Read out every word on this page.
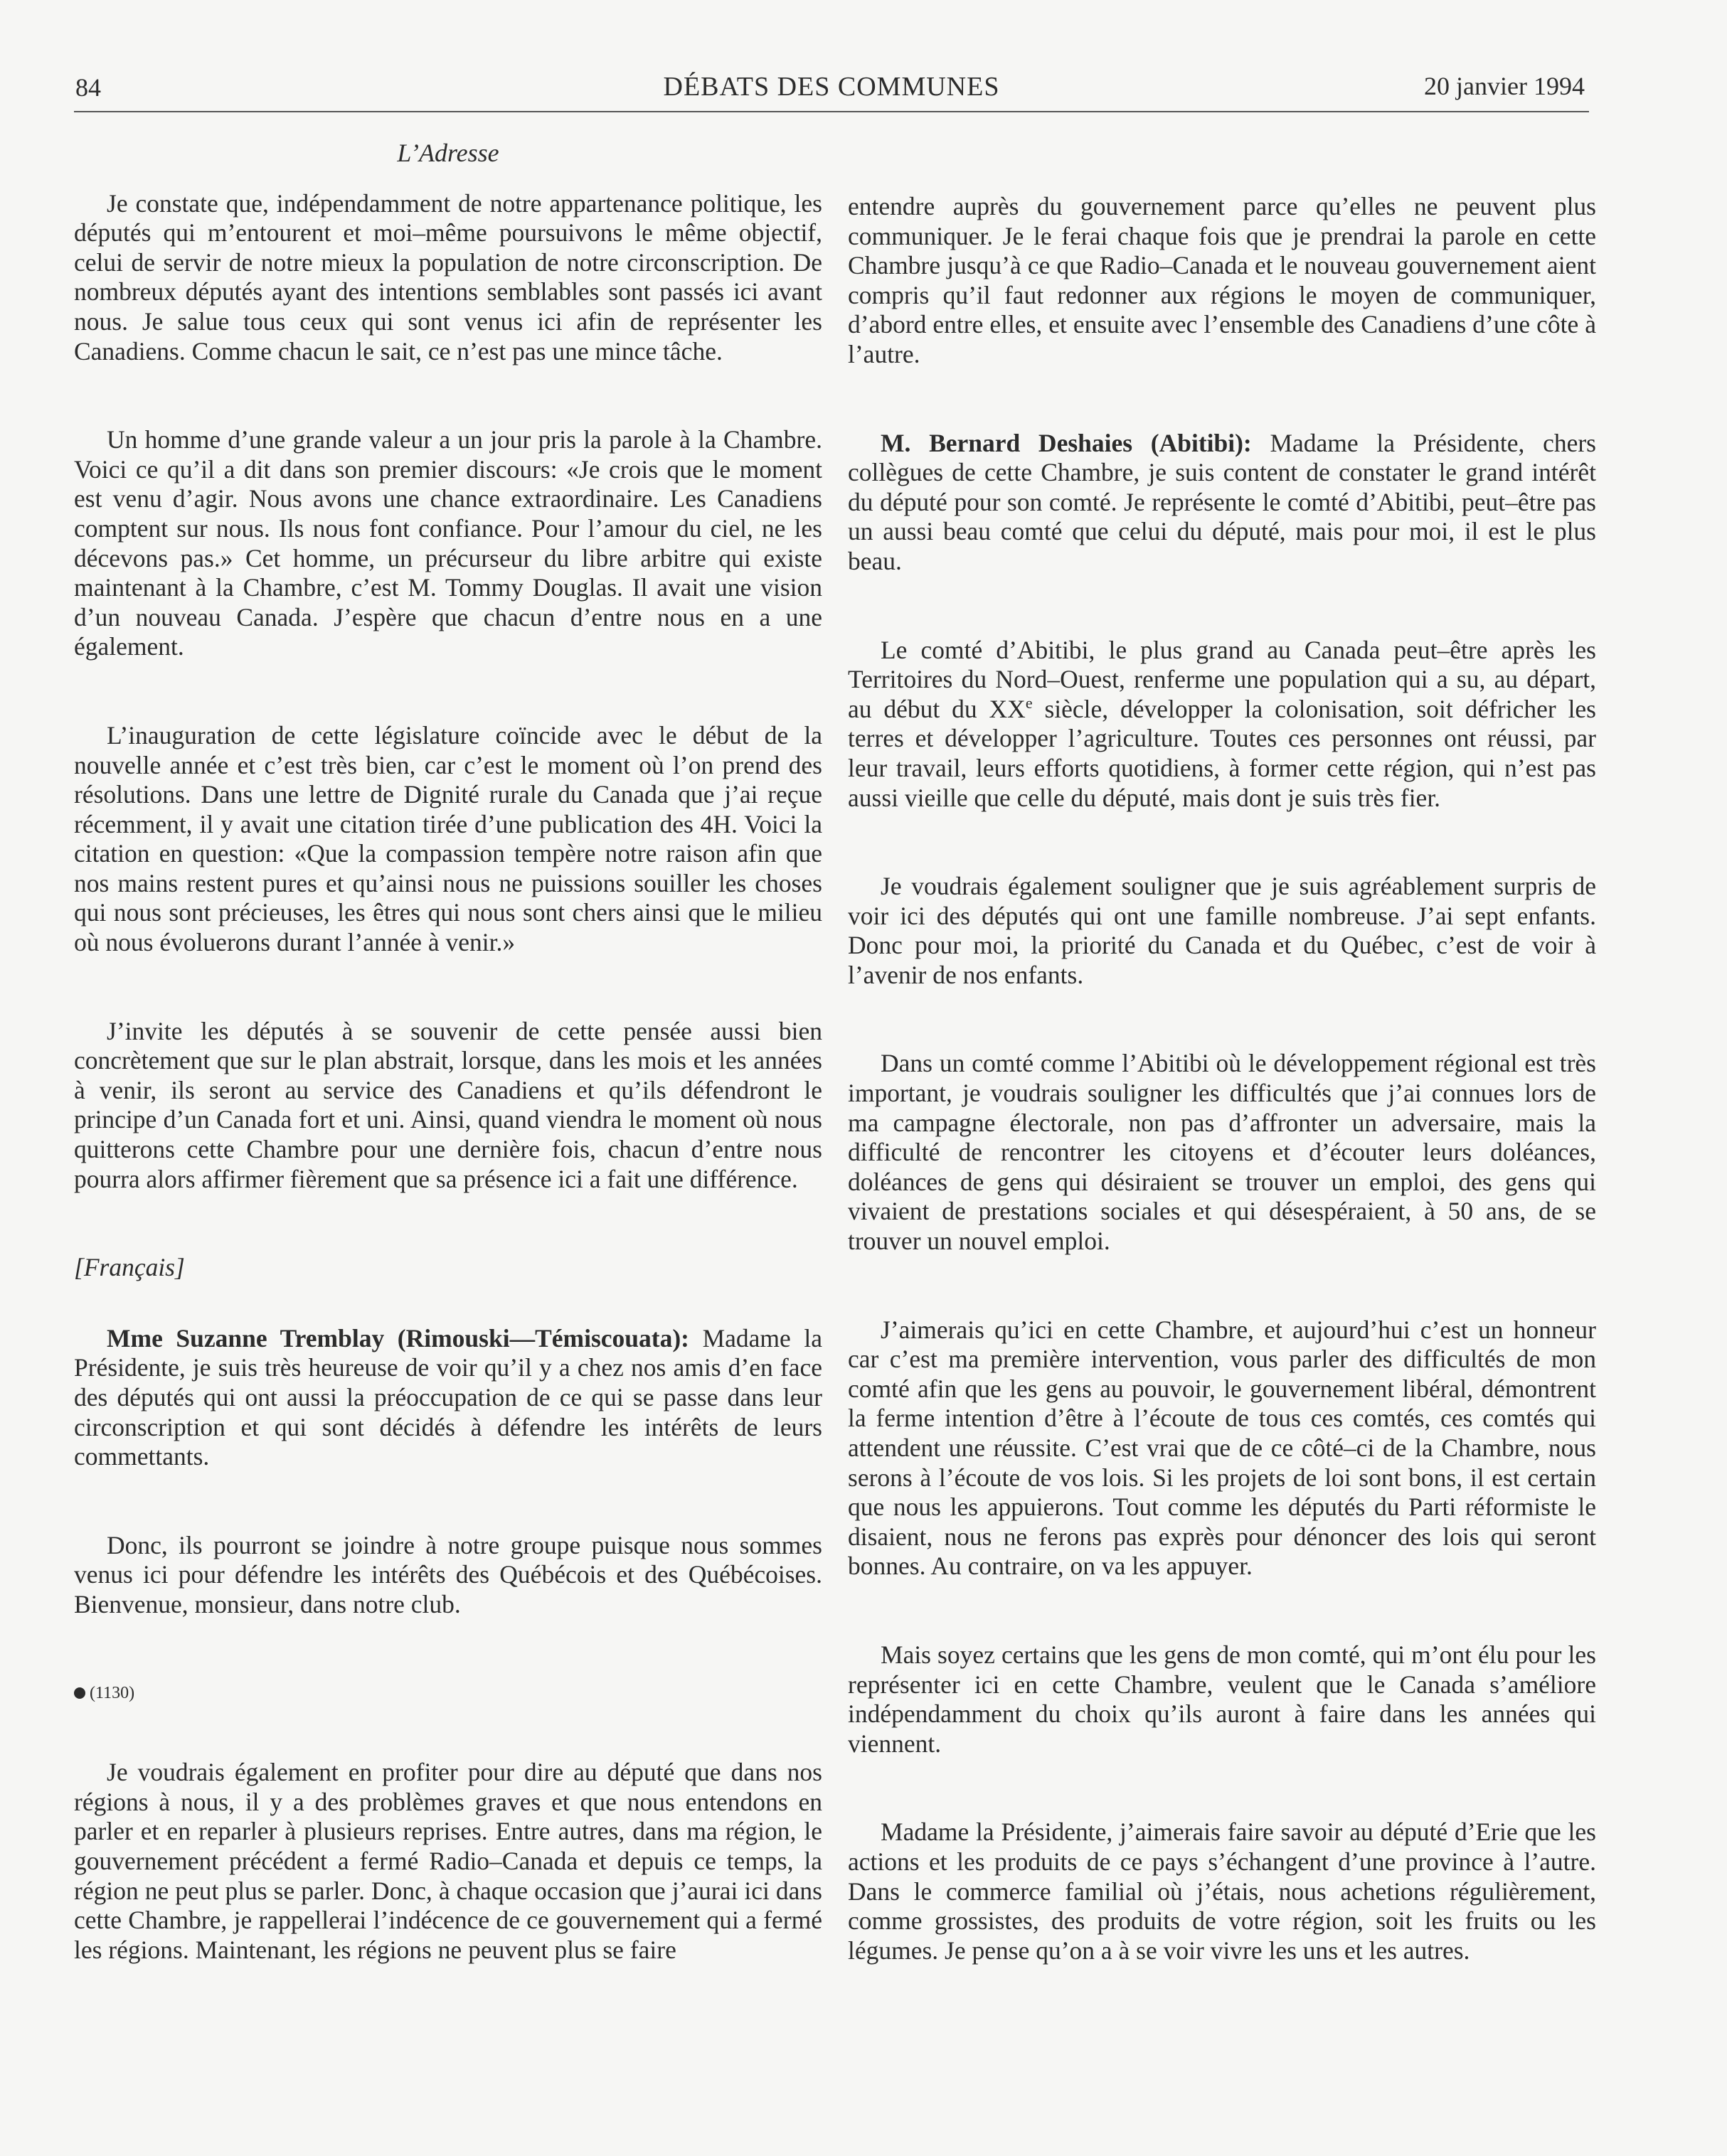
84	DÉBATS DES COMMUNES	20 janvier 1994
L’Adresse

Je constate que, indépendamment de notre appartenance politique, les députés qui m’entourent et moi–même poursuivons le même objectif, celui de servir de notre mieux la population de notre circonscription. De nombreux députés ayant des intentions semblables sont passés ici avant nous. Je salue tous ceux qui sont venus ici afin de représenter les Canadiens. Comme chacun le sait, ce n’est pas une mince tâche.

Un homme d’une grande valeur a un jour pris la parole à la Chambre. Voici ce qu’il a dit dans son premier discours: «Je crois que le moment est venu d’agir. Nous avons une chance extraordinaire. Les Canadiens comptent sur nous. Ils nous font confiance. Pour l’amour du ciel, ne les décevons pas.» Cet homme, un précurseur du libre arbitre qui existe maintenant à la Chambre, c’est M. Tommy Douglas. Il avait une vision d’un nouveau Canada. J’espère que chacun d’entre nous en a une également.

L’inauguration de cette législature coïncide avec le début de la nouvelle année et c’est très bien, car c’est le moment où l’on prend des résolutions. Dans une lettre de Dignité rurale du Canada que j’ai reçue récemment, il y avait une citation tirée d’une publication des 4H. Voici la citation en question: «Que la compassion tempère notre raison afin que nos mains restent pures et qu’ainsi nous ne puissions souiller les choses qui nous sont précieuses, les êtres qui nous sont chers ainsi que le milieu où nous évoluerons durant l’année à venir.»

J’invite les députés à se souvenir de cette pensée aussi bien concrètement que sur le plan abstrait, lorsque, dans les mois et les années à venir, ils seront au service des Canadiens et qu’ils défendront le principe d’un Canada fort et uni. Ainsi, quand viendra le moment où nous quitterons cette Chambre pour une dernière fois, chacun d’entre nous pourra alors affirmer fièrement que sa présence ici a fait une différence.

[Français]

Mme Suzanne Tremblay (Rimouski—Témiscouata): Madame la Présidente, je suis très heureuse de voir qu’il y a chez nos amis d’en face des députés qui ont aussi la préoccupation de ce qui se passe dans leur circonscription et qui sont décidés à défendre les intérêts de leurs commettants.

Donc, ils pourront se joindre à notre groupe puisque nous sommes venus ici pour défendre les intérêts des Québécois et des Québécoises. Bienvenue, monsieur, dans notre club.

(1130)

Je voudrais également en profiter pour dire au député que dans nos régions à nous, il y a des problèmes graves et que nous entendons en parler et en reparler à plusieurs reprises. Entre autres, dans ma région, le gouvernement précédent a fermé Radio–Canada et depuis ce temps, la région ne peut plus se parler. Donc, à chaque occasion que j’aurai ici dans cette Chambre, je rappellerai l’indécence de ce gouvernement qui a fermé les régions. Maintenant, les régions ne peuvent plus se faire

entendre auprès du gouvernement parce qu’elles ne peuvent plus communiquer. Je le ferai chaque fois que je prendrai la parole en cette Chambre jusqu’à ce que Radio–Canada et le nouveau gouvernement aient compris qu’il faut redonner aux régions le moyen de communiquer, d’abord entre elles, et ensuite avec l’ensemble des Canadiens d’une côte à l’autre.

M. Bernard Deshaies (Abitibi): Madame la Présidente, chers collègues de cette Chambre, je suis content de constater le grand intérêt du député pour son comté. Je représente le comté d’Abitibi, peut–être pas un aussi beau comté que celui du député, mais pour moi, il est le plus beau.

Le comté d’Abitibi, le plus grand au Canada peut–être après les Territoires du Nord–Ouest, renferme une population qui a su, au départ, au début du XXe siècle, développer la colonisation, soit défricher les terres et développer l’agriculture. Toutes ces personnes ont réussi, par leur travail, leurs efforts quotidiens, à former cette région, qui n’est pas aussi vieille que celle du député, mais dont je suis très fier.

Je voudrais également souligner que je suis agréablement surpris de voir ici des députés qui ont une famille nombreuse. J’ai sept enfants. Donc pour moi, la priorité du Canada et du Québec, c’est de voir à l’avenir de nos enfants.

Dans un comté comme l’Abitibi où le développement régional est très important, je voudrais souligner les difficultés que j’ai connues lors de ma campagne électorale, non pas d’affronter un adversaire, mais la difficulté de rencontrer les citoyens et d’écouter leurs doléances, doléances de gens qui désiraient se trouver un emploi, des gens qui vivaient de prestations sociales et qui désespéraient, à 50 ans, de se trouver un nouvel emploi.

J’aimerais qu’ici en cette Chambre, et aujourd’hui c’est un honneur car c’est ma première intervention, vous parler des difficultés de mon comté afin que les gens au pouvoir, le gouvernement libéral, démontrent la ferme intention d’être à l’écoute de tous ces comtés, ces comtés qui attendent une réussite. C’est vrai que de ce côté–ci de la Chambre, nous serons à l’écoute de vos lois. Si les projets de loi sont bons, il est certain que nous les appuierons. Tout comme les députés du Parti réformiste le disaient, nous ne ferons pas exprès pour dénoncer des lois qui seront bonnes. Au contraire, on va les appuyer.

Mais soyez certains que les gens de mon comté, qui m’ont élu pour les représenter ici en cette Chambre, veulent que le Canada s’améliore indépendamment du choix qu’ils auront à faire dans les années qui viennent.

Madame la Présidente, j’aimerais faire savoir au député d’Erie que les actions et les produits de ce pays s’échangent d’une province à l’autre. Dans le commerce familial où j’étais, nous achetions régulièrement, comme grossistes, des produits de votre région, soit les fruits ou les légumes. Je pense qu’on a à se voir vivre les uns et les autres.
